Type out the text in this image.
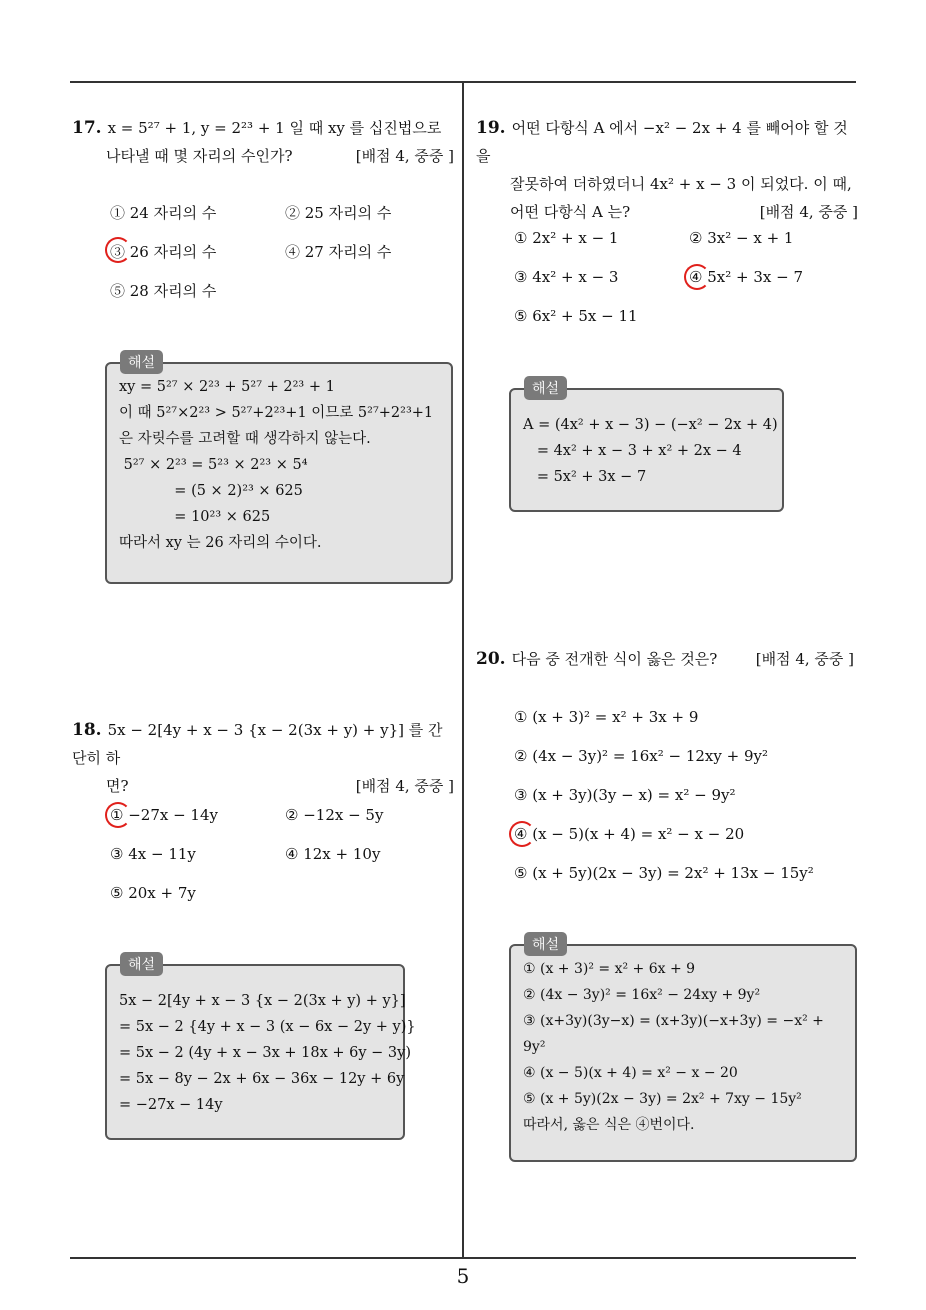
17. x = 5²⁷ + 1, y = 2²³ + 1 일 때 xy 를 십진법으로
나타낼 때 몇 자리의 수인가?	[배점 4, 중중 ]
① 24 자리의 수	② 25 자리의 수
③ 26 자리의 수	④ 27 자리의 수
⑤ 28 자리의 수
xy = 5²⁷ × 2²³ + 5²⁷ + 2²³ + 1
이 때 5²⁷×2²³ > 5²⁷+2²³+1 이므로 5²⁷+2²³+1
은 자릿수를 고려할 때 생각하지 않는다.
5²⁷ × 2²³ = 5²³ × 2²³ × 5⁴
= (5 × 2)²³ × 625
= 10²³ × 625
따라서 xy 는 26 자리의 수이다.
해설
18. 5x − 2[4y + x − 3 {x − 2(3x + y) + y}] 를 간단히 하
면?	[배점 4, 중중 ]
① −27x − 14y	② −12x − 5y
③ 4x − 11y	④ 12x + 10y
⑤ 20x + 7y
5x − 2[4y + x − 3 {x − 2(3x + y) + y}]
= 5x − 2 {4y + x − 3 (x − 6x − 2y + y)}
= 5x − 2 (4y + x − 3x + 18x + 6y − 3y)
= 5x − 8y − 2x + 6x − 36x − 12y + 6y
= −27x − 14y
해설
19. 어떤 다항식 A 에서 −x² − 2x + 4 를 빼어야 할 것을
잘못하여 더하였더니 4x² + x − 3 이 되었다. 이 때,
어떤 다항식 A 는?	[배점 4, 중중 ]
① 2x² + x − 1	② 3x² − x + 1
③ 4x² + x − 3	④ 5x² + 3x − 7
⑤ 6x² + 5x − 11
A = (4x² + x − 3) − (−x² − 2x + 4)
= 4x² + x − 3 + x² + 2x − 4
= 5x² + 3x − 7
해설
20. 다음 중 전개한 식이 옳은 것은?	[배점 4, 중중 ]
① (x + 3)² = x² + 3x + 9
② (4x − 3y)² = 16x² − 12xy + 9y²
③ (x + 3y)(3y − x) = x² − 9y²
④ (x − 5)(x + 4) = x² − x − 20
⑤ (x + 5y)(2x − 3y) = 2x² + 13x − 15y²
① (x + 3)² = x² + 6x + 9
② (4x − 3y)² = 16x² − 24xy + 9y²
③ (x+3y)(3y−x) = (x+3y)(−x+3y) = −x² +
9y²
④ (x − 5)(x + 4) = x² − x − 20
⑤ (x + 5y)(2x − 3y) = 2x² + 7xy − 15y²
따라서, 옳은 식은 ④번이다.
해설
5
